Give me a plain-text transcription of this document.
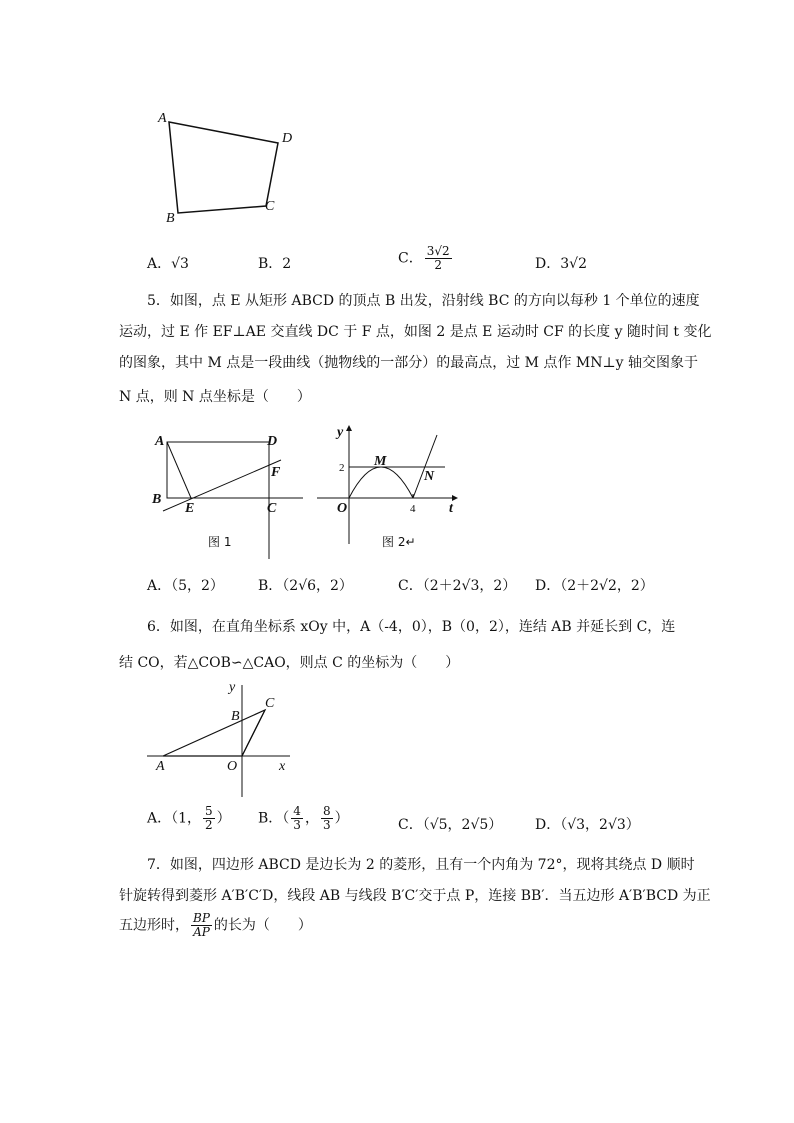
A
D
C
B
A．√3	B．2	C． $\frac{3√2}{2}$	D．3√2
5．如图，点 E 从矩形 ABCD 的顶点 B 出发，沿射线 BC 的方向以每秒 1 个单位的速度
运动，过 E 作 EF⊥AE 交直线 DC 于 F 点，如图 2 是点 E 运动时 CF 的长度 y 随时间 t 变化
的图象，其中 M 点是一段曲线（抛物线的一部分）的最高点，过 M 点作 MN⊥y 轴交图象于
N 点，则 N 点坐标是（　　）
A	D
F
B
E	C
图 1
y
t
O
2
4
M
N
图 2↵
A．（5，2） B．（2√6，2）	C．（2＋2√3，2） D．（2＋2√2，2）
6．如图，在直角坐标系 xOy 中，A（-4，0），B（0，2），连结 AB 并延长到 C，连
结 CO，若△COB∽△CAO，则点 C 的坐标为（　　）
y
C
B
A	O	x
A．（1， $\frac{5}{2}$ ） B．（ $\frac{4}{3}$ ， $\frac{8}{3}$ ）	C．（√5，2√5） D．（√3，2√3）
7．如图，四边形 ABCD 是边长为 2 的菱形，且有一个内角为 72°，现将其绕点 D 顺时
针旋转得到菱形 A′B′C′D，线段 AB 与线段 B′C′交于点 P，连接 BB′．当五边形 A′B′BCD 为正
五边形时， $\frac{BP}{AP}$ 的长为（　　）
